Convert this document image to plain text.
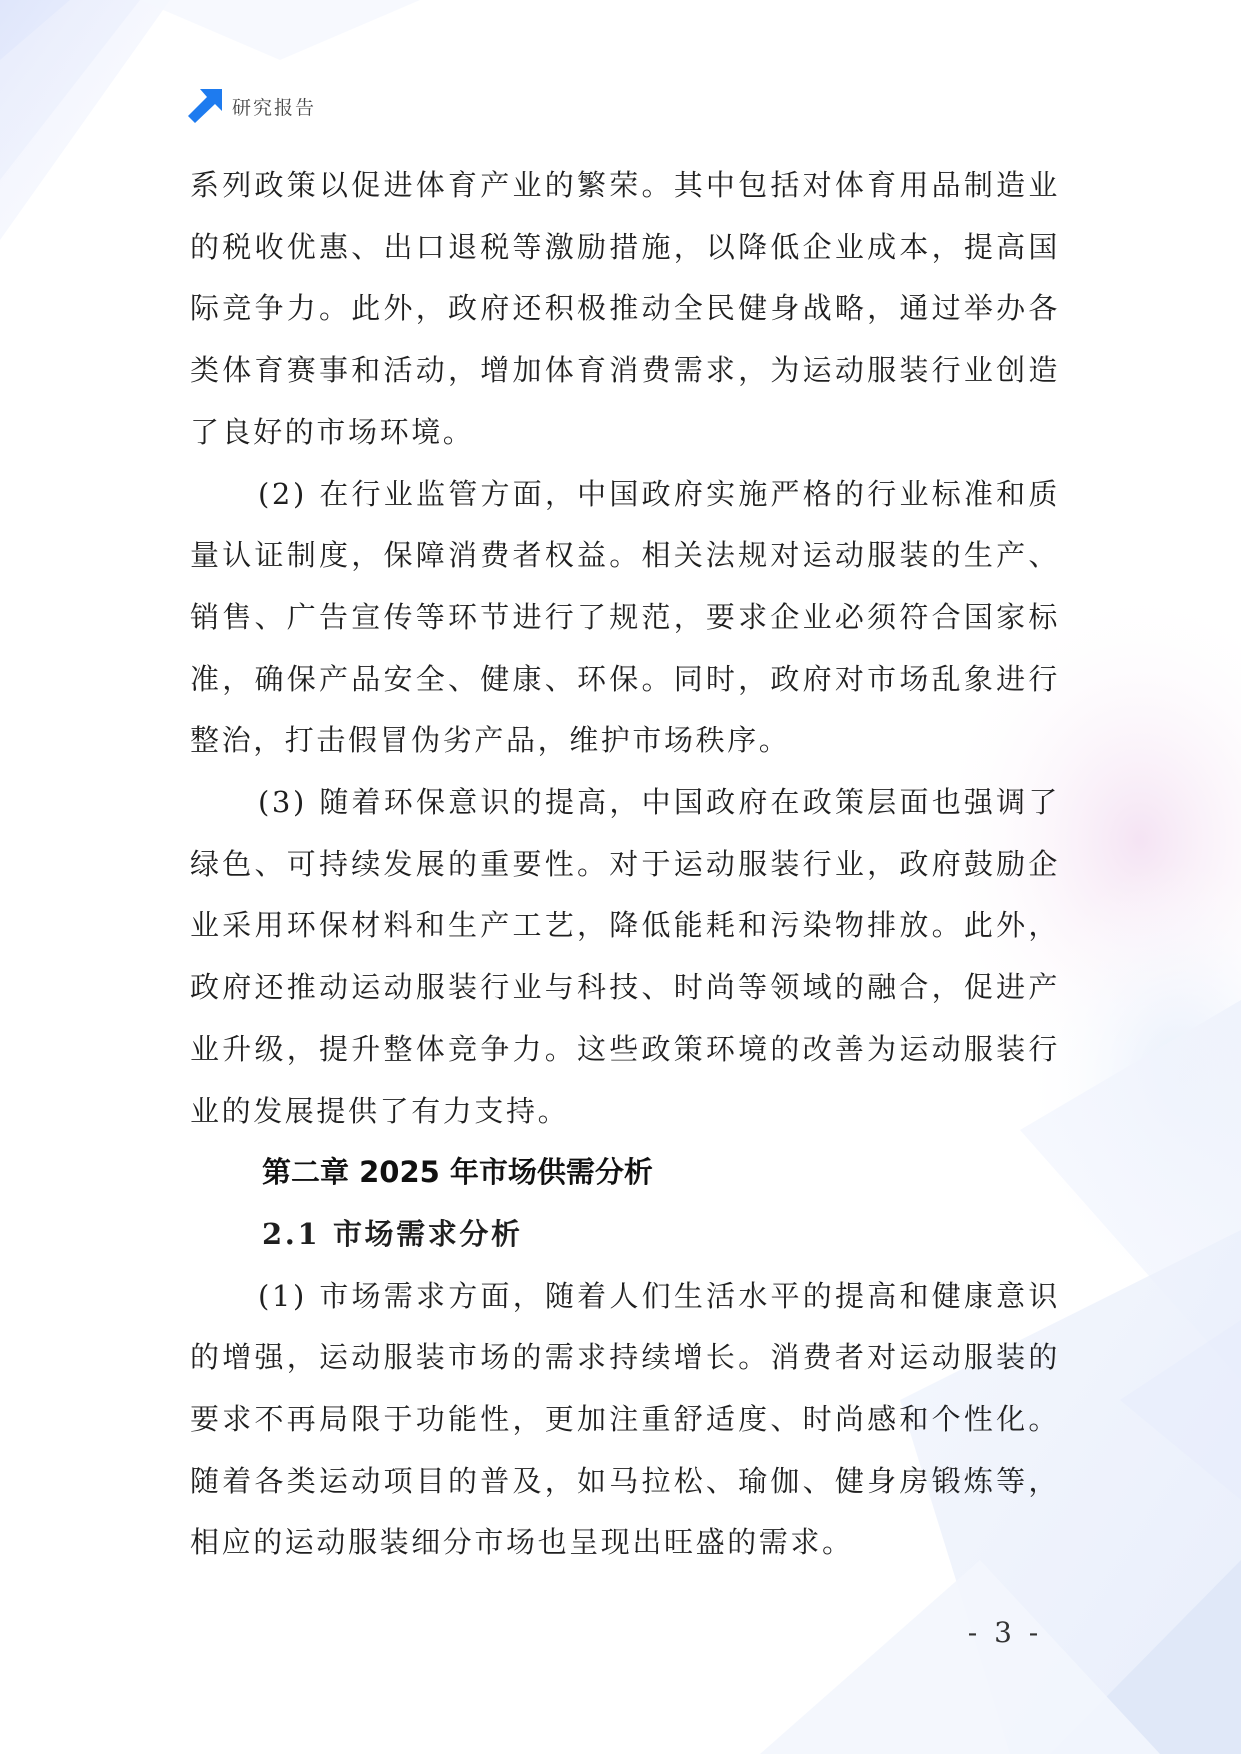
研究报告

系列政策以促进体育产业的繁荣。其中包括对体育用品制造业的税收优惠、出口退税等激励措施，以降低企业成本，提高国际竞争力。此外，政府还积极推动全民健身战略，通过举办各类体育赛事和活动，增加体育消费需求，为运动服装行业创造了良好的市场环境。

(2) 在行业监管方面，中国政府实施严格的行业标准和质量认证制度，保障消费者权益。相关法规对运动服装的生产、销售、广告宣传等环节进行了规范，要求企业必须符合国家标准，确保产品安全、健康、环保。同时，政府对市场乱象进行整治，打击假冒伪劣产品，维护市场秩序。

(3) 随着环保意识的提高，中国政府在政策层面也强调了绿色、可持续发展的重要性。对于运动服装行业，政府鼓励企业采用环保材料和生产工艺，降低能耗和污染物排放。此外，政府还推动运动服装行业与科技、时尚等领域的融合，促进产业升级，提升整体竞争力。这些政策环境的改善为运动服装行业的发展提供了有力支持。

第二章 2025 年市场供需分析
2.1 市场需求分析

(1) 市场需求方面，随着人们生活水平的提高和健康意识的增强，运动服装市场的需求持续增长。消费者对运动服装的要求不再局限于功能性，更加注重舒适度、时尚感和个性化。随着各类运动项目的普及，如马拉松、瑜伽、健身房锻炼等，相应的运动服装细分市场也呈现出旺盛的需求。

- 3 -
